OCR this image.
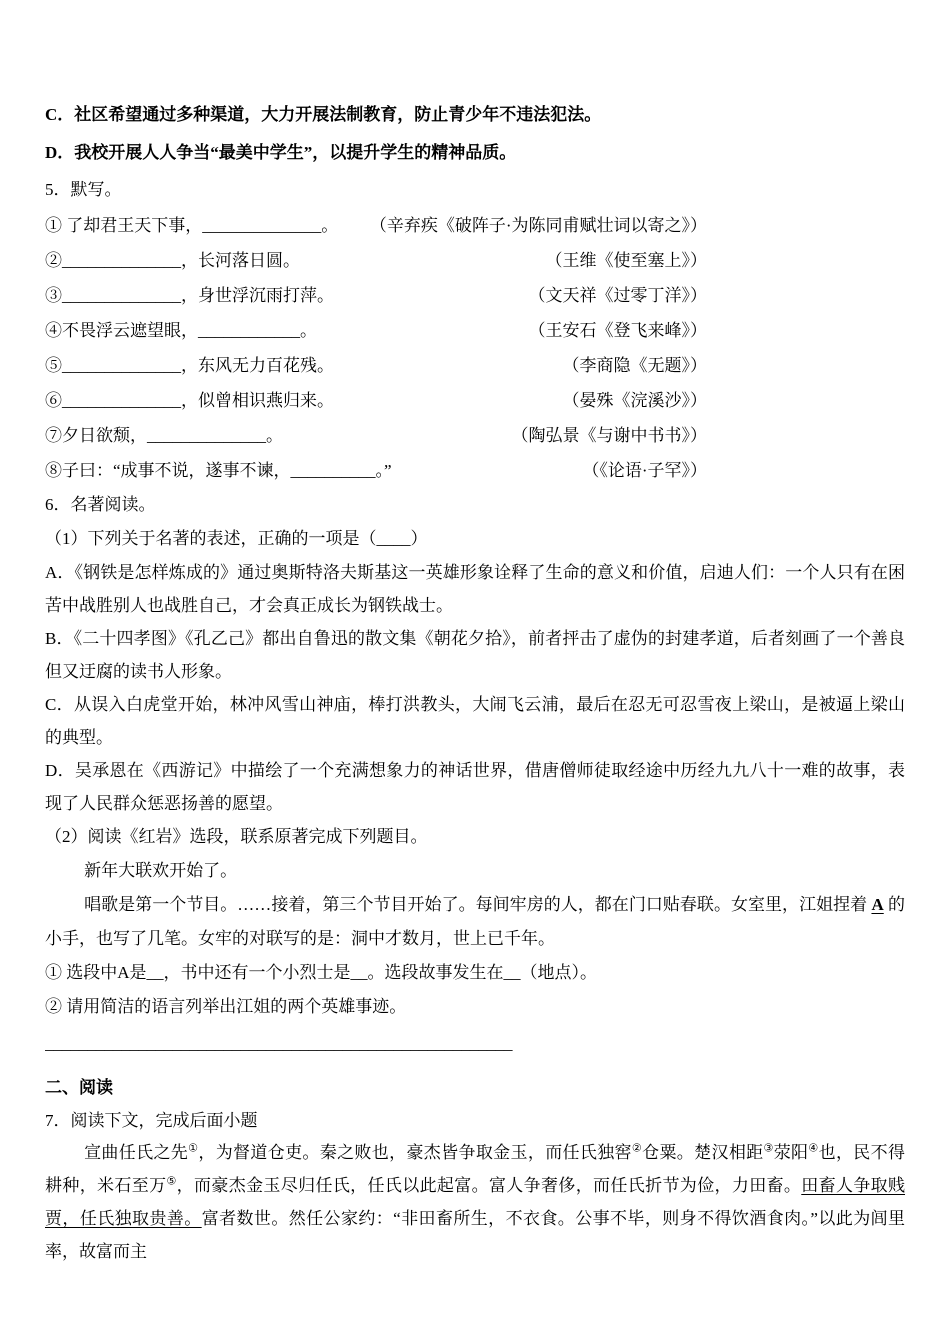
C．社区希望通过多种渠道，大力开展法制教育，防止青少年不违法犯法。
D．我校开展人人争当“最美中学生”，以提升学生的精神品质。
5．默写。
① 了却君王天下事，______________。 （辛弃疾《破阵子·为陈同甫赋壮词以寄之》）
②______________，长河落日圆。	（王维《使至塞上》）
③______________，身世浮沉雨打萍。	（文天祥《过零丁洋》）
④不畏浮云遮望眼，____________。	（王安石《登飞来峰》）
⑤______________，东风无力百花残。	（李商隐《无题》）
⑥______________，似曾相识燕归来。	（晏殊《浣溪沙》）
⑦夕日欲颓，______________。	（陶弘景《与谢中书书》）
⑧子曰：“成事不说，遂事不谏，__________。”	（《论语·子罕》）
6．名著阅读。
（1）下列关于名著的表述，正确的一项是（____）
A．《钢铁是怎样炼成的》通过奥斯特洛夫斯基这一英雄形象诠释了生命的意义和价值，启迪人们：一个人只有在困苦中战胜别人也战胜自己，才会真正成长为钢铁战士。
B．《二十四孝图》《孔乙己》都出自鲁迅的散文集《朝花夕拾》，前者抨击了虚伪的封建孝道，后者刻画了一个善良但又迂腐的读书人形象。
C．从误入白虎堂开始，林冲风雪山神庙，棒打洪教头，大闹飞云浦，最后在忍无可忍雪夜上梁山，是被逼上梁山的典型。
D．吴承恩在《西游记》中描绘了一个充满想象力的神话世界，借唐僧师徒取经途中历经九九八十一难的故事，表现了人民群众惩恶扬善的愿望。
（2）阅读《红岩》选段，联系原著完成下列题目。
新年大联欢开始了。
唱歌是第一个节目。……接着，第三个节目开始了。每间牢房的人，都在门口贴春联。女室里，江姐捏着 A 的小手，也写了几笔。女牢的对联写的是：洞中才数月，世上已千年。
① 选段中A是__，书中还有一个小烈士是__。选段故事发生在__（地点）。
② 请用简洁的语言列举出江姐的两个英雄事迹。
_______________________________________________________
二、阅读
7．阅读下文，完成后面小题
宣曲任氏之先①，为督道仓吏。秦之败也，豪杰皆争取金玉，而任氏独窖②仓粟。楚汉相距③荥阳④也，民不得耕种，米石至万⑤，而豪杰金玉尽归任氏，任氏以此起富。富人争奢侈，而任氏折节为俭，力田畜。田畜人争取贱贾，任氏独取贵善。富者数世。然任公家约：“非田畜所生，不衣食。公事不毕，则身不得饮酒食肉。”以此为闾里率，故富而主
